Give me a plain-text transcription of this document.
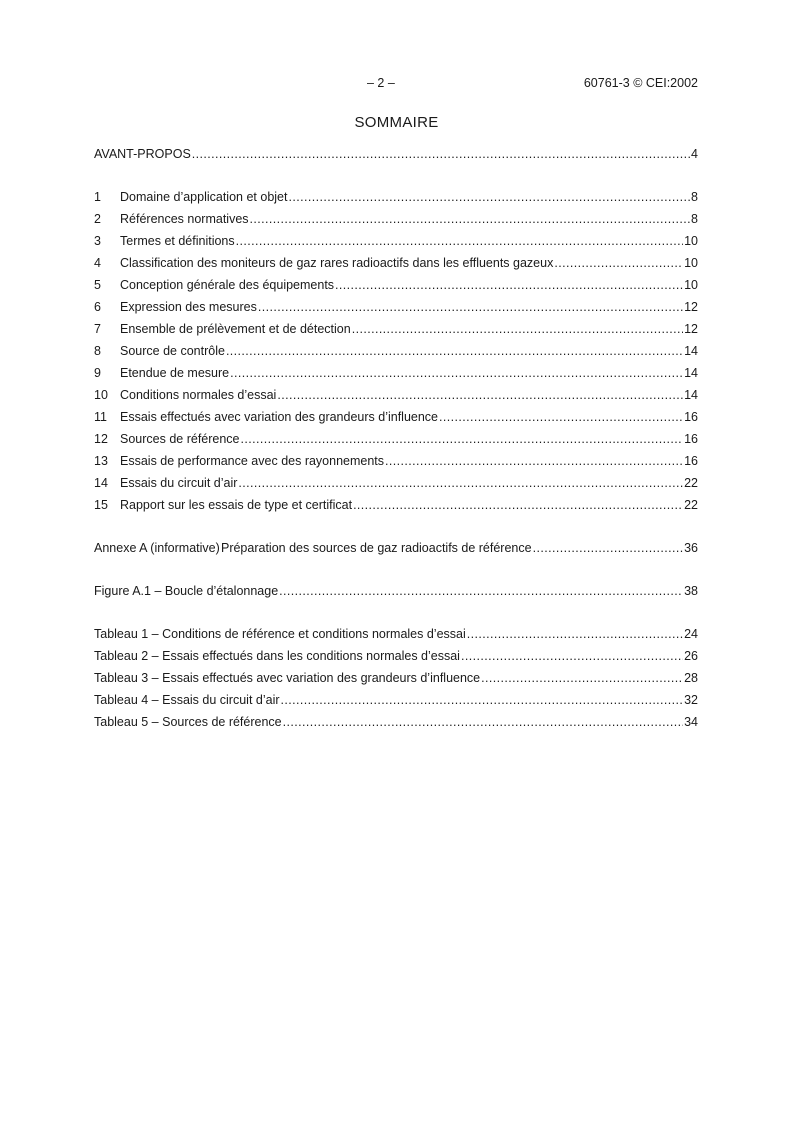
– 2 –	60761-3 © CEI:2002
SOMMAIRE
AVANT-PROPOS .....	4
1	Domaine d’application et objet .....	8
2	Références normatives .....	8
3	Termes et définitions .....	10
4	Classification des moniteurs de gaz rares radioactifs dans les effluents gazeux .....	10
5	Conception générale des équipements .....	10
6	Expression des mesures .....	12
7	Ensemble de prélèvement et de détection .....	12
8	Source de contrôle .....	14
9	Etendue de mesure .....	14
10 Conditions normales d’essai .....	14
11	Essais effectués avec variation des grandeurs d’influence .....	16
12 Sources de référence .....	16
13 Essais de performance avec des rayonnements .....	16
14 Essais du circuit d’air .....	22
15 Rapport sur les essais de type et certificat .....	22
Annexe A (informative) Préparation des sources de gaz radioactifs de référence .....	36
Figure A.1 – Boucle d’étalonnage .....	38
Tableau 1 – Conditions de référence et conditions normales d’essai .....	24
Tableau 2 – Essais effectués dans les conditions normales d’essai .....	26
Tableau 3 – Essais effectués avec variation des grandeurs d’influence .....	28
Tableau 4 – Essais du circuit d’air .....	32
Tableau 5 – Sources de référence .....	34
